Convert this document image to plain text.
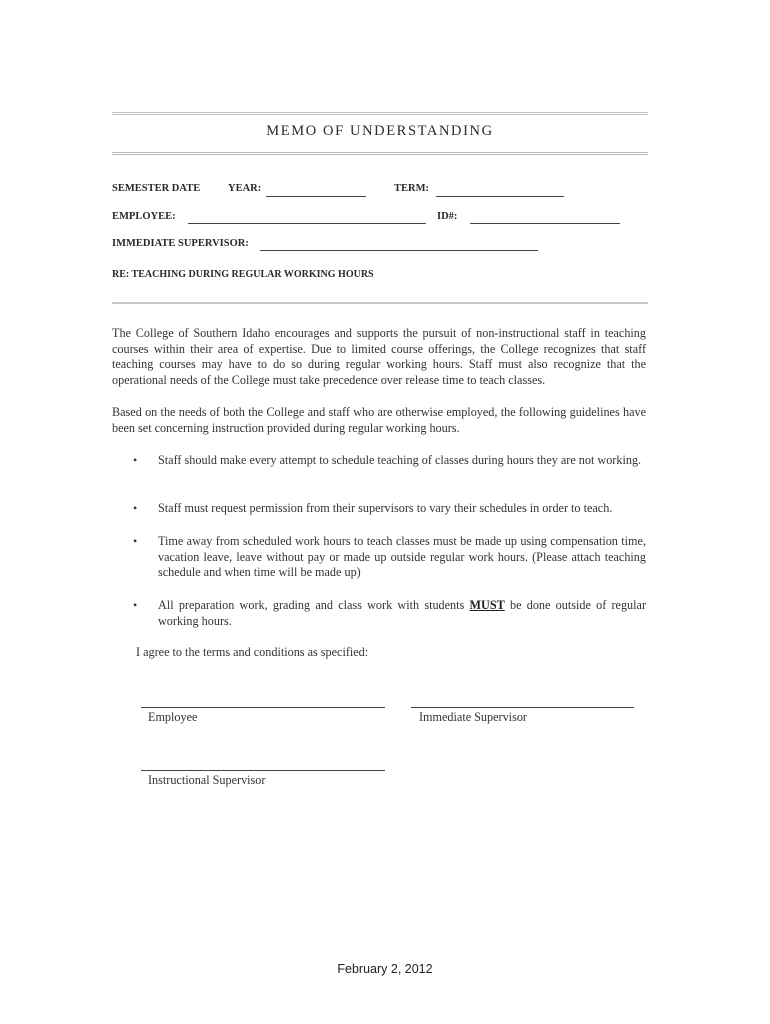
MEMO OF UNDERSTANDING
SEMESTER DATE	YEAR:	TERM:
EMPLOYEE:	ID#:
IMMEDIATE SUPERVISOR:
RE: TEACHING DURING REGULAR WORKING HOURS
The College of Southern Idaho encourages and supports the pursuit of non-instructional staff in teaching courses within their area of expertise. Due to limited course offerings, the College recognizes that staff teaching courses may have to do so during regular working hours. Staff must also recognize that the operational needs of the College must take precedence over release time to teach classes.
Based on the needs of both the College and staff who are otherwise employed, the following guidelines have been set concerning instruction provided during regular working hours.
•	Staff should make every attempt to schedule teaching of classes during hours they are not working.
•	Staff must request permission from their supervisors to vary their schedules in order to teach.
•	Time away from scheduled work hours to teach classes must be made up using compensation time, vacation leave, leave without pay or made up outside regular work hours. (Please attach teaching schedule and when time will be made up)
•	All preparation work, grading and class work with students MUST be done outside of regular working hours.
I agree to the terms and conditions as specified:
Employee	Immediate Supervisor
Instructional Supervisor
February 2, 2012
